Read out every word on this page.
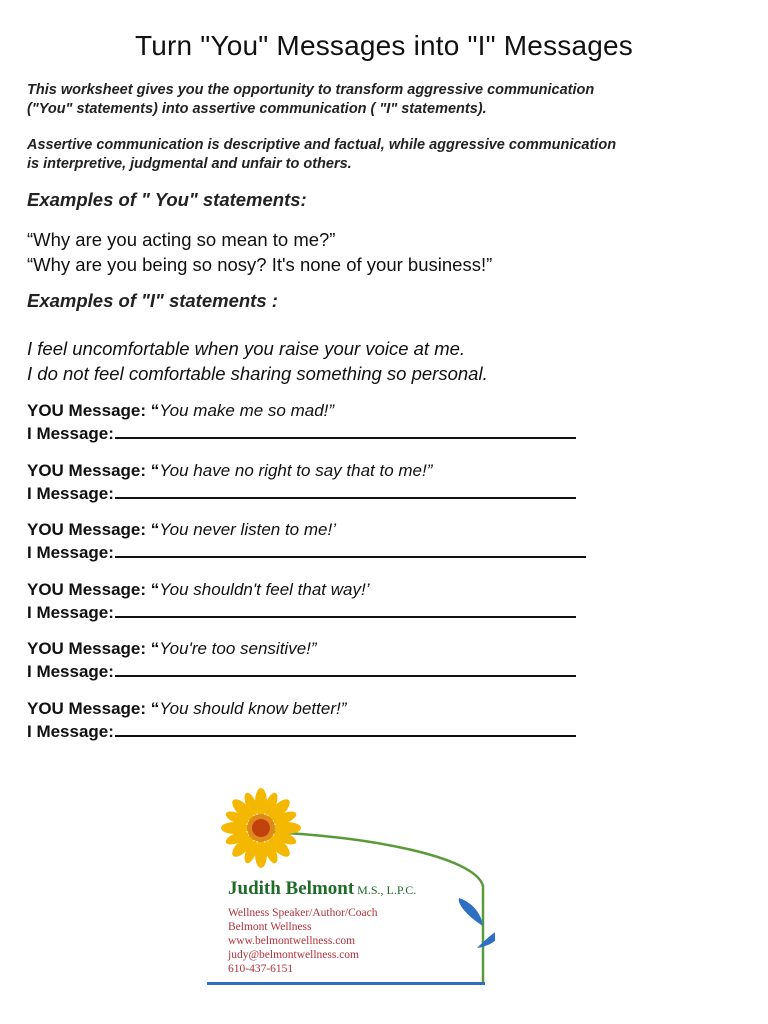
Turn "You" Messages into "I" Messages
This worksheet gives you the opportunity to transform aggressive communication
("You" statements) into assertive communication ( "I" statements).
Assertive communication is descriptive and factual, while aggressive communication
is interpretive, judgmental and unfair to others.
Examples of " You" statements:
“Why are you acting so mean to me?”
“Why are you being so nosy? It's none of your business!”
Examples of "I" statements :
I feel uncomfortable when you raise your voice at me.
I do not feel comfortable sharing something so personal.
YOU Message: “You make me so mad!”
I Message:
YOU Message: “You have no right to say that to me!”
I Message:
YOU Message: “You never listen to me!’
I Message:
YOU Message: “You shouldn't feel that way!’
I Message:
YOU Message: “You're too sensitive!”
I Message:
YOU Message: “You should know better!”
I Message:
Judith Belmont M.S., L.P.C.
Wellness Speaker/Author/Coach
Belmont Wellness
www.belmontwellness.com
judy@belmontwellness.com
610-437-6151
